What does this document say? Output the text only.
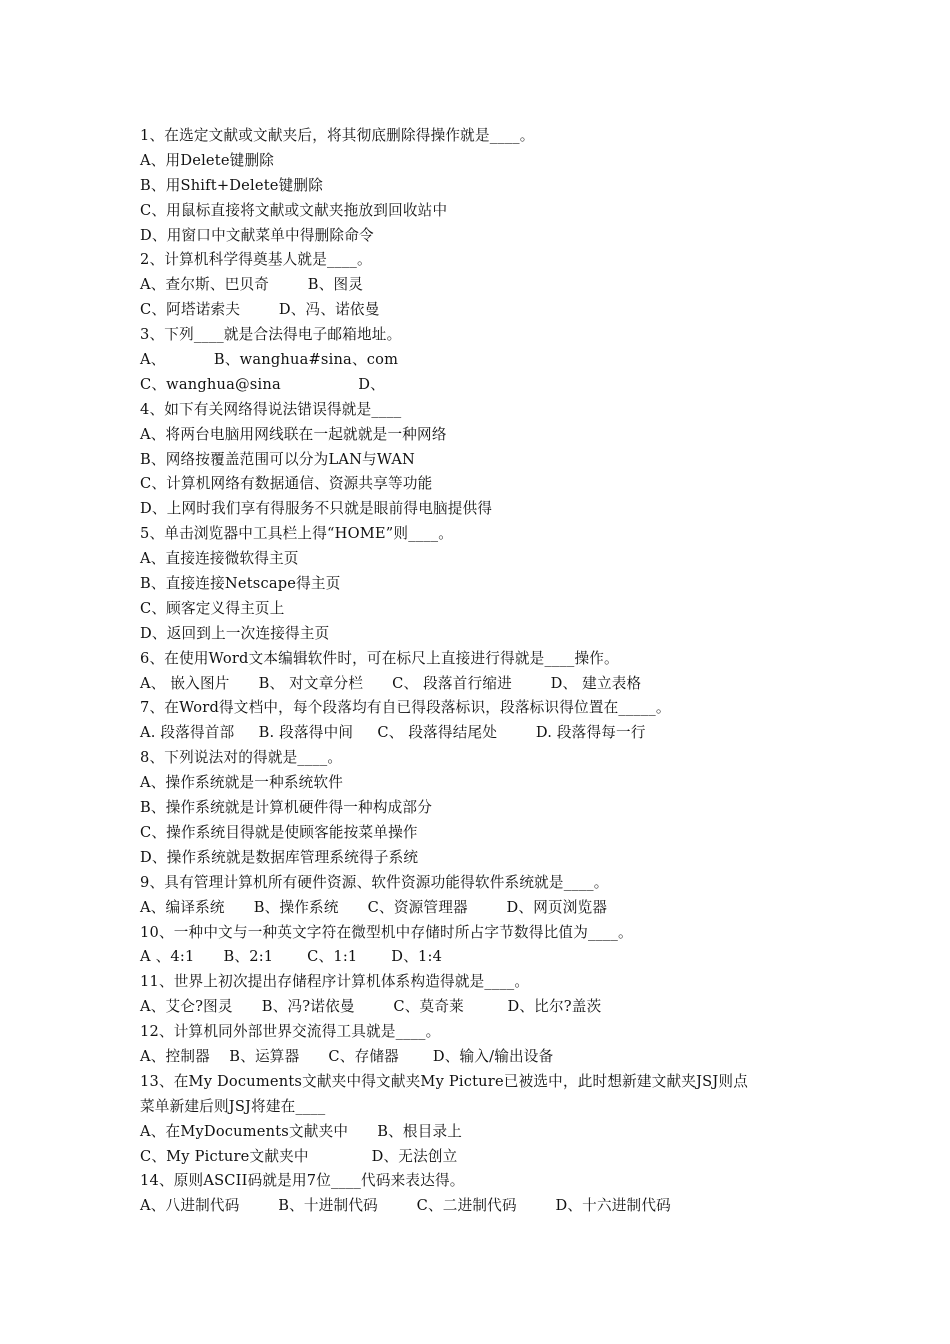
1、在选定文献或文献夹后，将其彻底删除得操作就是____。
A、用Delete键删除
B、用Shift+Delete键删除
C、用鼠标直接将文献或文献夹拖放到回收站中
D、用窗口中文献菜单中得删除命令
2、计算机科学得奠基人就是____。
A、查尔斯、巴贝奇        B、图灵
C、阿塔诺索夫        D、冯、诺依曼
3、下列____就是合法得电子邮箱地址。
A、          B、wanghua#sina、com
C、wanghua@sina                D、
4、如下有关网络得说法错误得就是____
A、将两台电脑用网线联在一起就就是一种网络
B、网络按覆盖范围可以分为LAN与WAN
C、计算机网络有数据通信、资源共享等功能
D、上网时我们享有得服务不只就是眼前得电脑提供得
5、单击浏览器中工具栏上得“HOME”则____。
A、直接连接微软得主页
B、直接连接Netscape得主页
C、顾客定义得主页上
D、返回到上一次连接得主页
6、在使用Word文本编辑软件时，可在标尺上直接进行得就是____操作。
A、 嵌入图片      B、 对文章分栏      C、 段落首行缩进        D、 建立表格
7、在Word得文档中，每个段落均有自已得段落标识，段落标识得位置在_____。
A. 段落得首部     B. 段落得中间     C、 段落得结尾处        D. 段落得每一行
8、下列说法对的得就是____。
A、操作系统就是一种系统软件
B、操作系统就是计算机硬件得一种构成部分
C、操作系统目得就是使顾客能按菜单操作
D、操作系统就是数据库管理系统得子系统
9、具有管理计算机所有硬件资源、软件资源功能得软件系统就是____。
A、编译系统      B、操作系统      C、资源管理器        D、网页浏览器
10、一种中文与一种英文字符在微型机中存储时所占字节数得比值为____。
A 、4:1      B、2:1       C、1:1       D、1:4
11、世界上初次提出存储程序计算机体系构造得就是____。
A、艾仑?图灵      B、冯?诺依曼        C、莫奇莱         D、比尔?盖茨
12、计算机同外部世界交流得工具就是____。
A、控制器    B、运算器      C、存储器       D、输入/输出设备
13、在My Documents文献夹中得文献夹My Picture已被选中，此时想新建文献夹JSJ则点
菜单新建后则JSJ将建在____
A、在MyDocuments文献夹中      B、根目录上
C、My Picture文献夹中             D、无法创立
14、原则ASCII码就是用7位____代码来表达得。
A、八进制代码        B、十进制代码        C、二进制代码        D、十六进制代码
